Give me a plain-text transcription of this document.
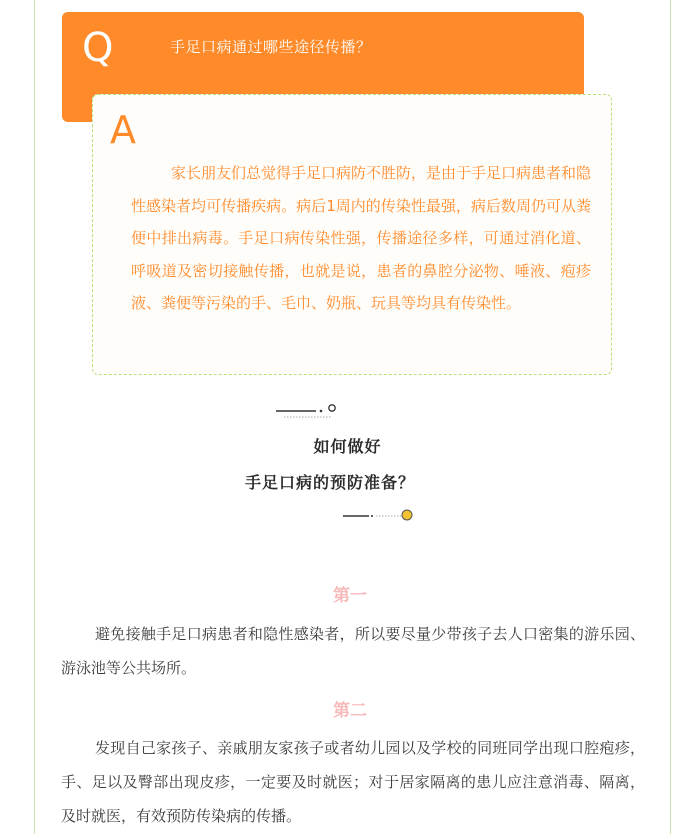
Q	手足口病通过哪些途径传播？
A

家长朋友们总觉得手足口病防不胜防，是由于手足口病患者和隐性感染者均可传播疾病。病后1周内的传染性最强，病后数周仍可从粪便中排出病毒。手足口病传染性强，传播途径多样，可通过消化道、呼吸道及密切接触传播，也就是说，患者的鼻腔分泌物、唾液、疱疹液、粪便等污染的手、毛巾、奶瓶、玩具等均具有传染性。

如何做好
手足口病的预防准备？
第一

避免接触手足口病患者和隐性感染者，所以要尽量少带孩子去人口密集的游乐园、游泳池等公共场所。

第二

发现自己家孩子、亲戚朋友家孩子或者幼儿园以及学校的同班同学出现口腔疱疹，手、足以及臀部出现皮疹，一定要及时就医；对于居家隔离的患儿应注意消毒、隔离，及时就医，有效预防传染病的传播。
